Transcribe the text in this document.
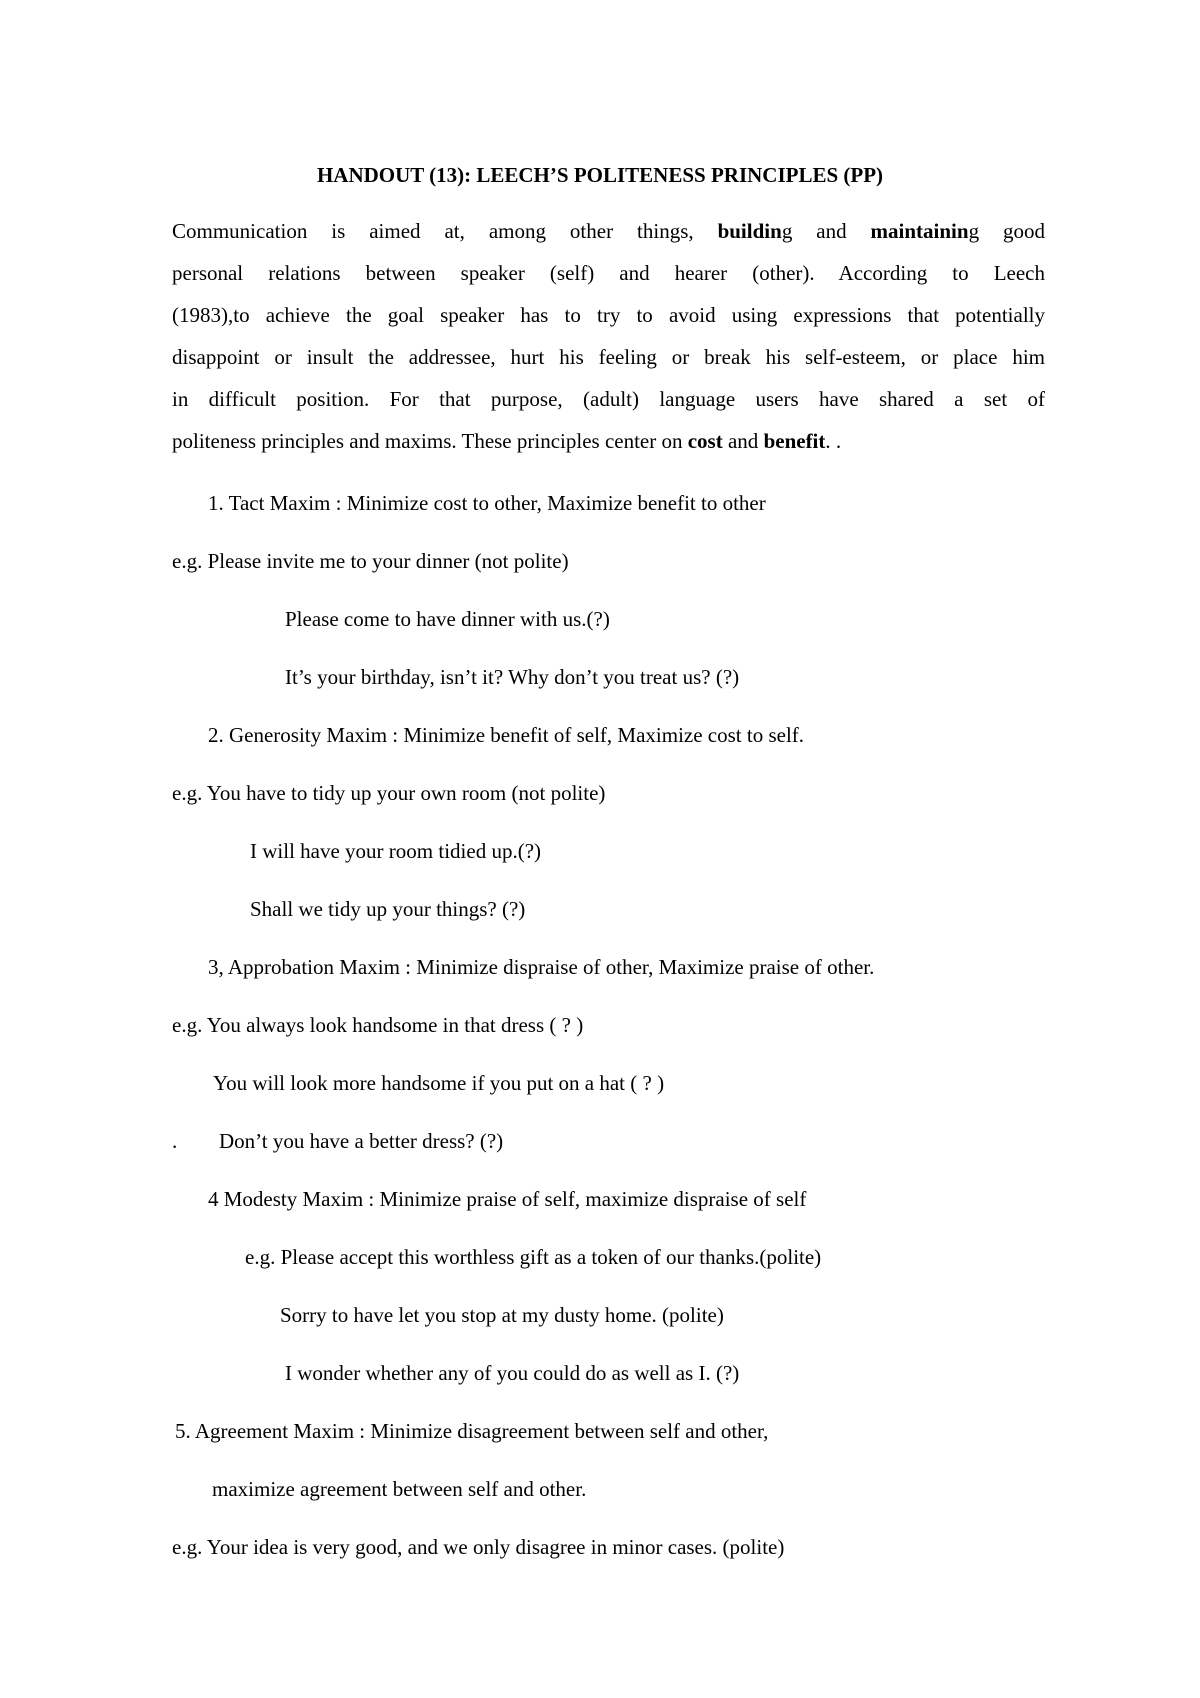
HANDOUT (13): LEECH’S POLITENESS PRINCIPLES (PP)
Communication is aimed at, among other things, building and maintaining good
personal relations between speaker (self) and hearer (other). According to Leech
(1983),to achieve the goal speaker has to try to avoid using expressions that potentially
disappoint or insult the addressee, hurt his feeling or break his self-esteem, or place him
in difficult position. For that purpose, (adult) language users have shared a set of
politeness principles and maxims. These principles center on cost and benefit. .
1. Tact Maxim : Minimize cost to other, Maximize benefit to other
e.g. Please invite me to your dinner (not polite)
Please come to have dinner with us.(?)
It’s your birthday, isn’t it? Why don’t you treat us? (?)
2. Generosity Maxim : Minimize benefit of self, Maximize cost to self.
e.g. You have to tidy up your own room (not polite)
I will have your room tidied up.(?)
Shall we tidy up your things? (?)
3, Approbation Maxim : Minimize dispraise of other, Maximize praise of other.
e.g. You always look handsome in that dress ( ? )
You will look more handsome if you put on a hat ( ? )
. Don’t you have a better dress? (?)
4 Modesty Maxim : Minimize praise of self, maximize dispraise of self
e.g. Please accept this worthless gift as a token of our thanks.(polite)
Sorry to have let you stop at my dusty home. (polite)
I wonder whether any of you could do as well as I. (?)
5. Agreement Maxim : Minimize disagreement between self and other,
maximize agreement between self and other.
e.g. Your idea is very good, and we only disagree in minor cases. (polite)
